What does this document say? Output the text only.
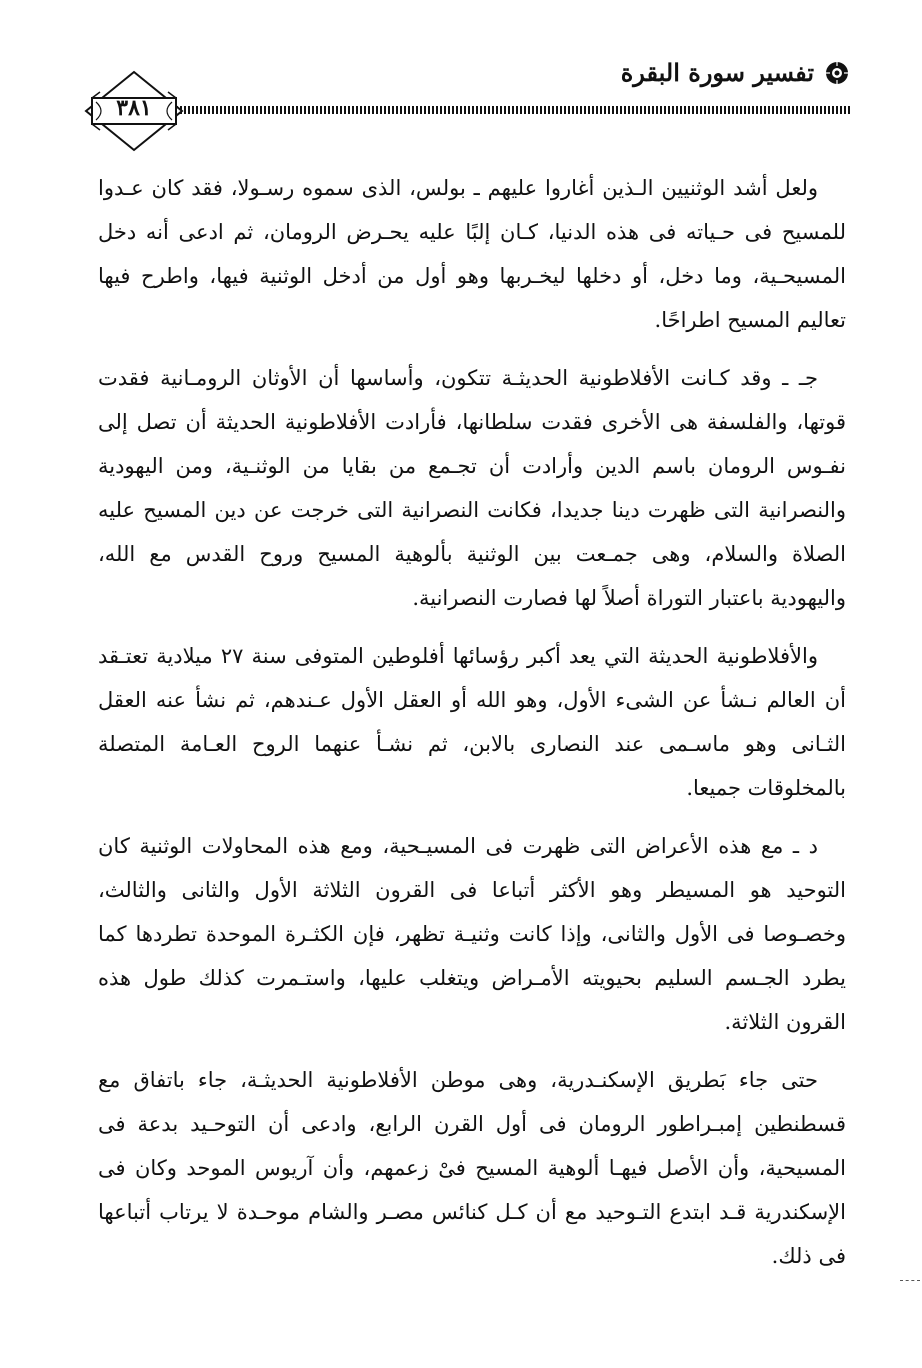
تفسير سورة البقرة
٣٨١

ولعل أشد الوثنيين الـذين أغاروا عليهم ـ بولس، الذى سموه رسـولا، فقد كان عـدوا للمسيح فى حـياته فى هذه الدنيا، كـان إلبًا عليه يحـرض الرومان، ثم ادعى أنه دخل المسيحـية، وما دخل، أو دخلها ليخـربها وهو أول من أدخل الوثنية فيها، واطرح فيها تعاليم المسيح اطراحًا.

جـ ـ وقد كـانت الأفلاطونية الحديثـة تتكون، وأساسها أن الأوثان الرومـانية فقدت قوتها، والفلسفة هى الأخرى فقدت سلطانها، فأرادت الأفلاطونية الحديثة أن تصل إلى نفـوس الرومان باسم الدين وأرادت أن تجـمع من بقايا من الوثنـية، ومن اليهودية والنصرانية التى ظهرت دينا جديدا، فكانت النصرانية التى خرجت عن دين المسيح عليه الصلاة والسلام، وهى جمـعت بين الوثنية بألوهية المسيح وروح القدس مع الله، واليهودية باعتبار التوراة أصلاً لها فصارت النصرانية.

والأفلاطونية الحديثة التي يعد أكبر رؤسائها أفلوطين المتوفى سنة ٢٧ ميلادية تعتـقد أن العالم نـشأ عن الشىء الأول، وهو الله أو العقل الأول عـندهم، ثم نشأ عنه العقل الثـانى وهو ماسـمى عند النصارى بالابن، ثم نشـأ عنهما الروح العـامة المتصلة بالمخلوقات جميعا.

د ـ مع هذه الأعراض التى ظهرت فى المسيـحية، ومع هذه المحاولات الوثنية كان التوحيد هو المسيطر وهو الأكثر أتباعا فى القرون الثلاثة الأول والثانى والثالث، وخصـوصا فى الأول والثانى، وإذا كانت وثنيـة تظهر، فإن الكثـرة الموحدة تطردها كما يطرد الجـسم السليم بحيويته الأمـراض ويتغلب عليها، واستـمرت كذلك طول هذه القرون الثلاثة.

حتى جاء بَطريق الإسكنـدرية، وهى موطن الأفلاطونية الحديثـة، جاء باتفاق مع قسطنطين إمبـراطور الرومان فى أول القرن الرابع، وادعى أن التوحـيد بدعة فى المسيحية، وأن الأصل فيهـا ألوهية المسيح فىْ زعمهم، وأن آريوس الموحد وكان فى الإسكندرية قـد ابتدع التـوحيد مع أن كـل كنائس مصـر والشام موحـدة لا يرتاب أتباعها فى ذلك.
